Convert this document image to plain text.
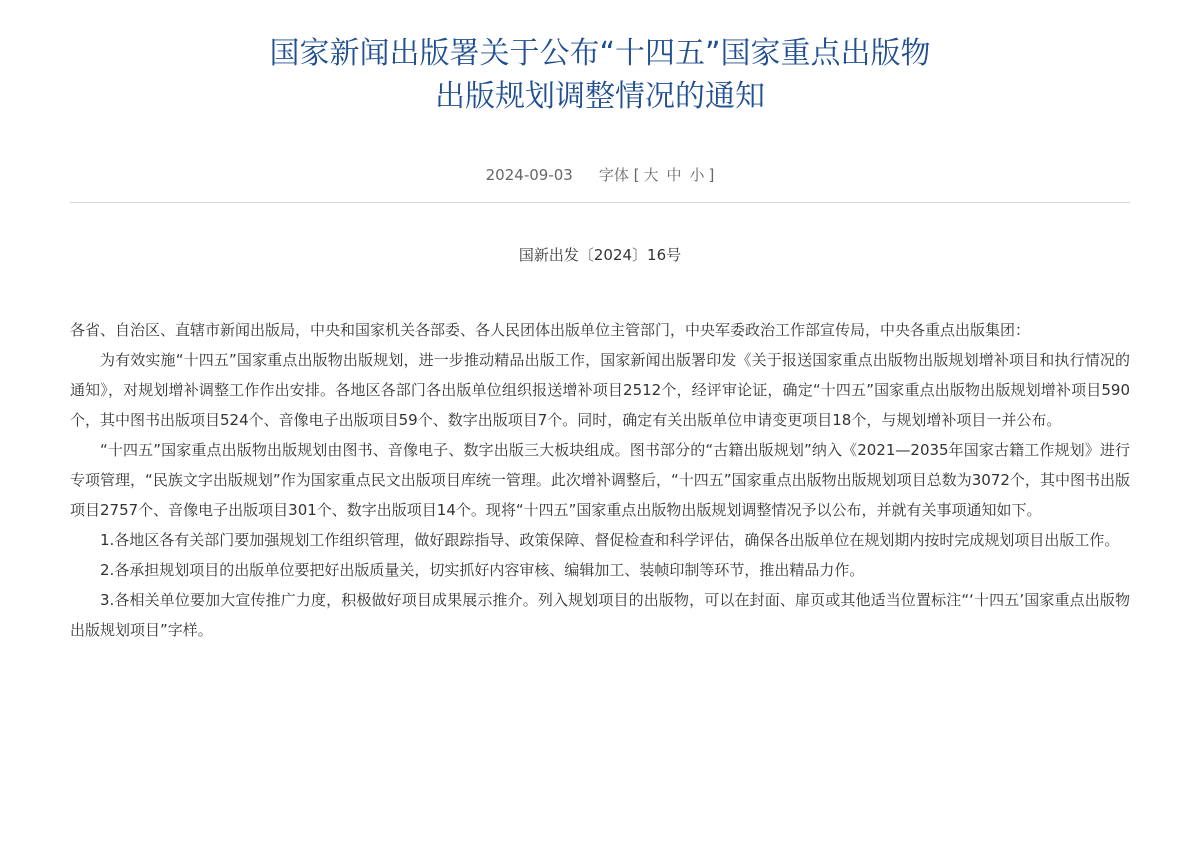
国家新闻出版署关于公布“十四五”国家重点出版物
出版规划调整情况的通知
2024-09-03 字体 [ 大 中 小 ]
国新出发〔2024〕16号

各省、自治区、直辖市新闻出版局，中央和国家机关各部委、各人民团体出版单位主管部门，中央军委政治工作部宣传局，中央各重点出版集团：

为有效实施“十四五”国家重点出版物出版规划，进一步推动精品出版工作，国家新闻出版署印发《关于报送国家重点出版物出版规划增补项目和执行情况的通知》，对规划增补调整工作作出安排。各地区各部门各出版单位组织报送增补项目2512个，经评审论证，确定“十四五”国家重点出版物出版规划增补项目590个，其中图书出版项目524个、音像电子出版项目59个、数字出版项目7个。同时，确定有关出版单位申请变更项目18个，与规划增补项目一并公布。

“十四五”国家重点出版物出版规划由图书、音像电子、数字出版三大板块组成。图书部分的“古籍出版规划”纳入《2021—2035年国家古籍工作规划》进行专项管理，“民族文字出版规划”作为国家重点民文出版项目库统一管理。此次增补调整后，“十四五”国家重点出版物出版规划项目总数为3072个，其中图书出版项目2757个、音像电子出版项目301个、数字出版项目14个。现将“十四五”国家重点出版物出版规划调整情况予以公布，并就有关事项通知如下。

1.各地区各有关部门要加强规划工作组织管理，做好跟踪指导、政策保障、督促检查和科学评估，确保各出版单位在规划期内按时完成规划项目出版工作。

2.各承担规划项目的出版单位要把好出版质量关，切实抓好内容审核、编辑加工、装帧印制等环节，推出精品力作。

3.各相关单位要加大宣传推广力度，积极做好项目成果展示推介。列入规划项目的出版物，可以在封面、扉页或其他适当位置标注“‘十四五’国家重点出版物出版规划项目”字样。
